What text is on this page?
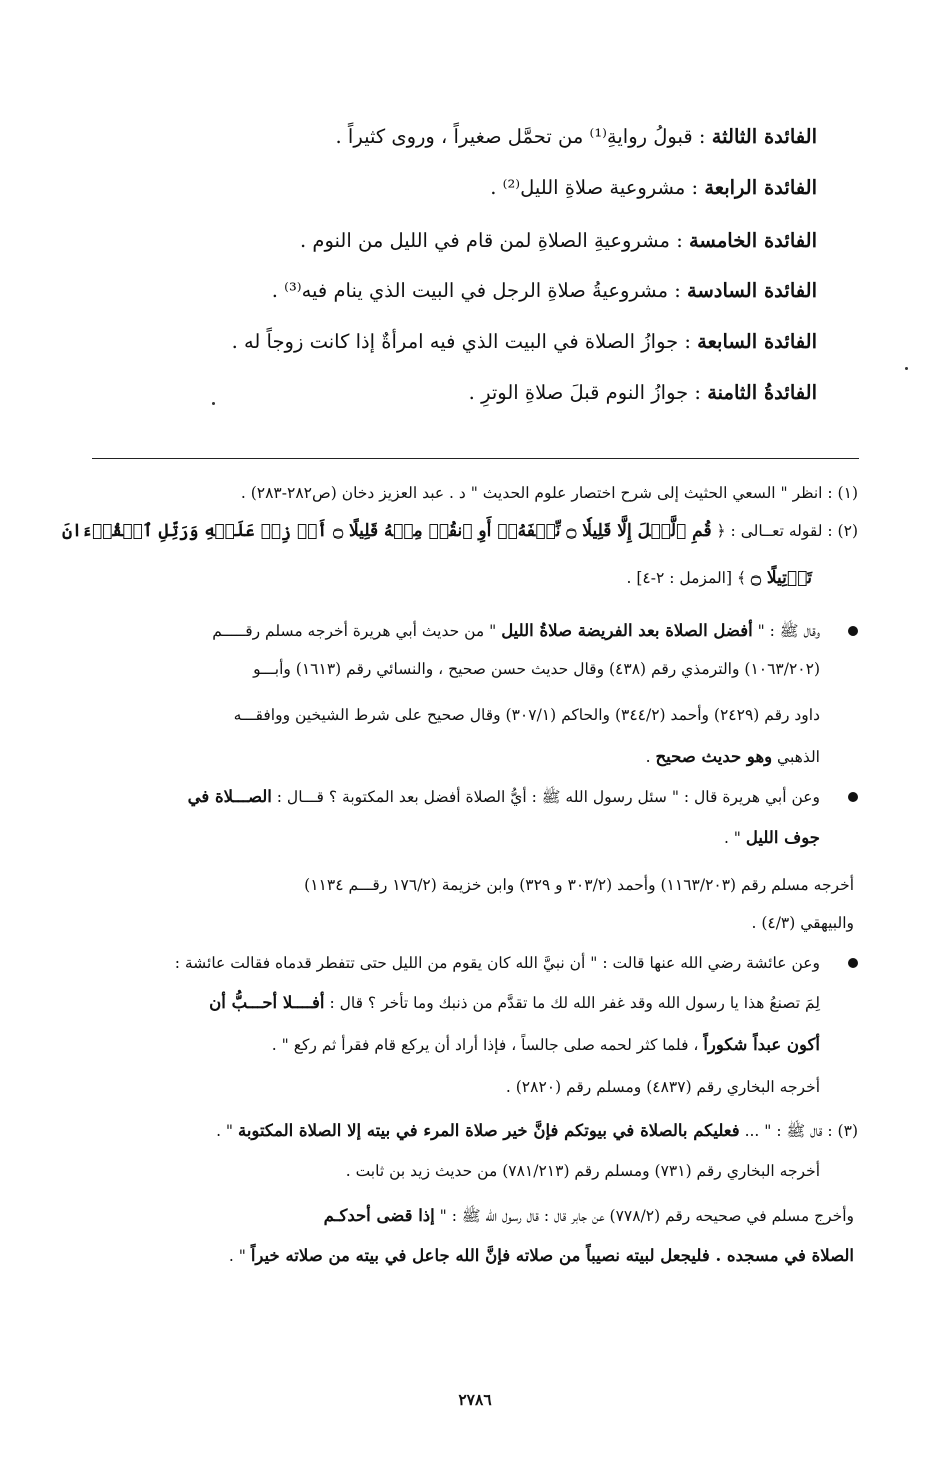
الفائدة الثالثة : قبولُ روايةِ⁽¹⁾ من تحمَّل صغيراً ، وروى كثيراً .
الفائدة الرابعة : مشروعية صلاةِ الليل⁽²⁾ .
الفائدة الخامسة : مشروعيةِ الصلاةِ لمن قام في الليل من النوم .
الفائدة السادسة : مشروعيةُ صلاةِ الرجل في البيت الذي ينام فيه⁽³⁾ .
الفائدة السابعة : جوازُ الصلاة في البيت الذي فيه امرأةٌ إذا كانت زوجاً له .
الفائدةُ الثامنة : جوازُ النوم قبلَ صلاةِ الوترِ .
(١) : انظر " السعي الحثيث إلى شرح اختصار علوم الحديث " د . عبد العزيز دخان (ص٢٨٢-٢٨٣) .
(٢) : لقوله تعــالى : ﴿ قُمِ ٱلَّيۡلَ إِلَّا قَلِيلٗا ۝ نِّصۡفَهُۥٓ أَوِ ٱنقُصۡ مِنۡهُ قَلِيلًا ۝ أَوۡ زِدۡ عَلَيۡهِ وَرَتِّلِ ٱلۡقُرۡءَانَ
تَرۡتِيلًا ۝ ﴾ [المزمل : ٢-٤] .
وقال ﷺ : " أفضل الصلاة بعد الفريضة صلاةُ الليل " من حديث أبي هريرة أخرجه مسلم رقـــــم
(١٠٦٣/٢٠٢) والترمذي رقم (٤٣٨) وقال حديث حسن صحيح ، والنسائي رقم (١٦١٣) وأبـــو
داود رقم (٢٤٢٩) وأحمد (٣٤٤/٢) والحاكم (٣٠٧/١) وقال صحيح على شرط الشيخين ووافقـــه
الذهبي وهو حديث صحيح .
وعن أبي هريرة قال : " سئل رسول الله ﷺ : أيُّ الصلاة أفضل بعد المكتوبة ؟ قـــال : الصـــلاة في
جوف الليل " .
أخرجه مسلم رقم (١١٦٣/٢٠٣) وأحمد (٣٠٣/٢ و ٣٢٩) وابن خزيمة (١٧٦/٢ رقـــم ١١٣٤)
والبيهقي (٤/٣) .
وعن عائشة رضي الله عنها قالت : " أن نبيَّ الله كان يقوم من الليل حتى تتفطر قدماه فقالت عائشة :
لِمَ تصنعُ هذا يا رسول الله وقد غفر الله لك ما تقدَّم من ذنبك وما تأخر ؟ قال : أفــــلا أحـــبُّ أن
أكون عبداً شكوراً ، فلما كثر لحمه صلى جالساً ، فإذا أراد أن يركع قام فقرأ ثم ركع " .
أخرجه البخاري رقم (٤٨٣٧) ومسلم رقم (٢٨٢٠) .
(٣) : قال ﷺ : " ... فعليكم بالصلاة في بيوتكم فإنَّ خير صلاة المرء في بيته إلا الصلاة المكتوبة " .
أخرجه البخاري رقم (٧٣١) ومسلم رقم (٧٨١/٢١٣) من حديث زيد بن ثابت .
وأخرج مسلم في صحيحه رقم (٧٧٨/٢) عن جابر قال : قال رسول الله ﷺ : " إذا قضى أحدكـم
الصلاة في مسجده . فليجعل لبيته نصيباً من صلاته فإنَّ الله جاعل في بيته من صلاته خيراً " .
٢٧٨٦
